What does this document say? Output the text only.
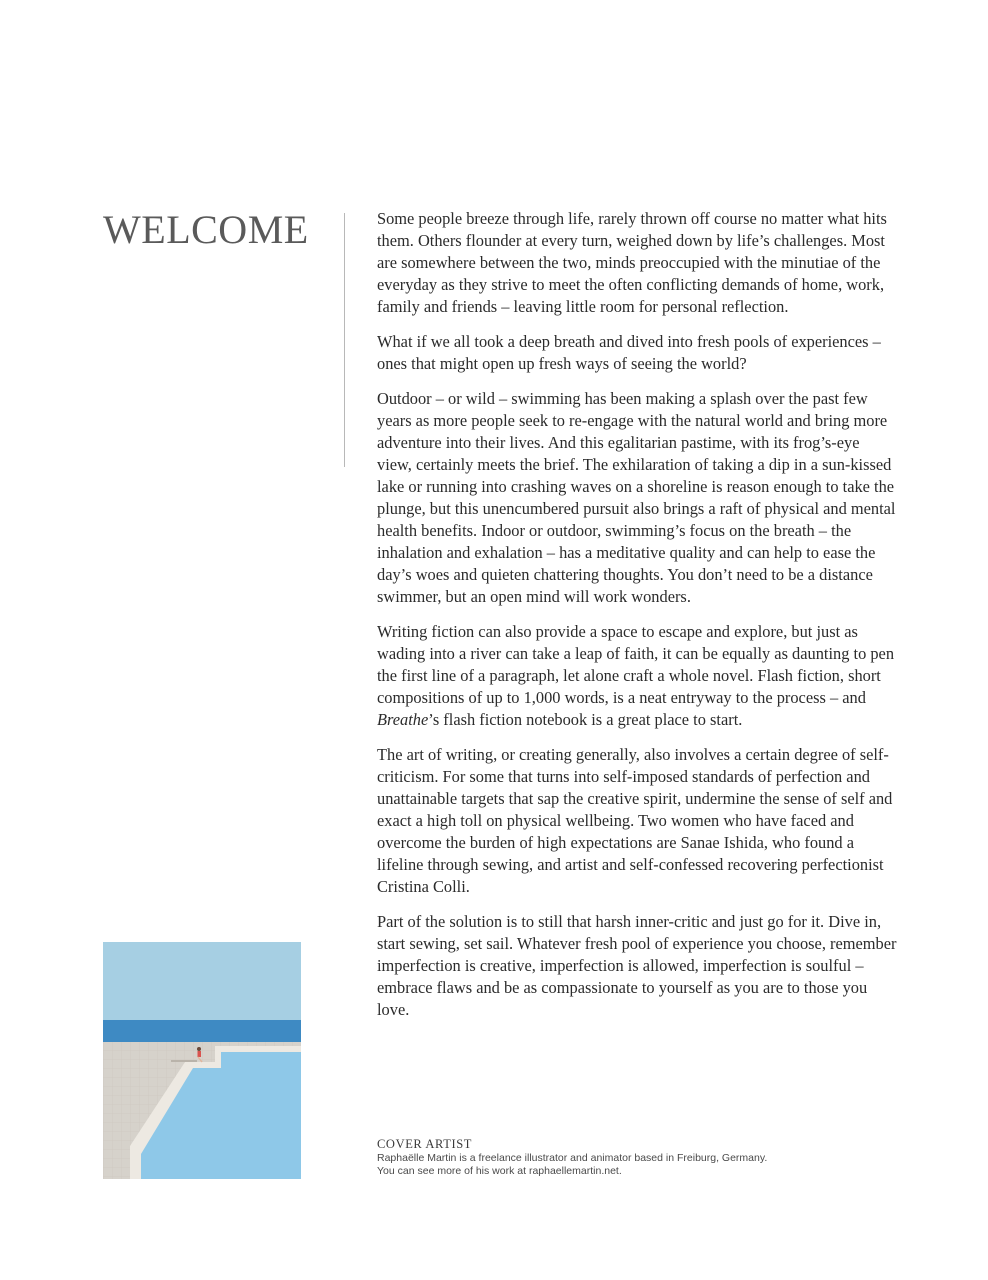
WELCOME	Some people breeze through life, rarely thrown off course no matter what hits them. Others flounder at every turn, weighed down by life’s challenges. Most are somewhere between the two, minds preoccupied with the minutiae of the everyday as they strive to meet the often conflicting demands of home, work, family and friends – leaving little room for personal reflection.

What if we all took a deep breath and dived into fresh pools of experiences – ones that might open up fresh ways of seeing the world?

Outdoor – or wild – swimming has been making a splash over the past few years as more people seek to re-engage with the natural world and bring more adventure into their lives. And this egalitarian pastime, with its frog’s-eye view, certainly meets the brief. The exhilaration of taking a dip in a sun-kissed lake or running into crashing waves on a shoreline is reason enough to take the plunge, but this unencumbered pursuit also brings a raft of physical and mental health benefits. Indoor or outdoor, swimming’s focus on the breath – the inhalation and exhalation – has a meditative quality and can help to ease the day’s woes and quieten chattering thoughts. You don’t need to be a distance swimmer, but an open mind will work wonders.

Writing fiction can also provide a space to escape and explore, but just as wading into a river can take a leap of faith, it can be equally as daunting to pen the first line of a paragraph, let alone craft a whole novel. Flash fiction, short compositions of up to 1,000 words, is a neat entryway to the process – and Breathe’s flash fiction notebook is a great place to start.

The art of writing, or creating generally, also involves a certain degree of self-criticism. For some that turns into self-imposed standards of perfection and unattainable targets that sap the creative spirit, undermine the sense of self and exact a high toll on physical wellbeing. Two women who have faced and overcome the burden of high expectations are Sanae Ishida, who found a lifeline through sewing, and artist and self-confessed recovering perfectionist Cristina Colli.

Part of the solution is to still that harsh inner-critic and just go for it. Dive in, start sewing, set sail. Whatever fresh pool of experience you choose, remember imperfection is creative, imperfection is allowed, imperfection is soulful – embrace flaws and be as compassionate to yourself as you are to those you love.

COVER ARTIST
Raphaëlle Martin is a freelance illustrator and animator based in Freiburg, Germany.
You can see more of his work at raphaellemartin.net.
